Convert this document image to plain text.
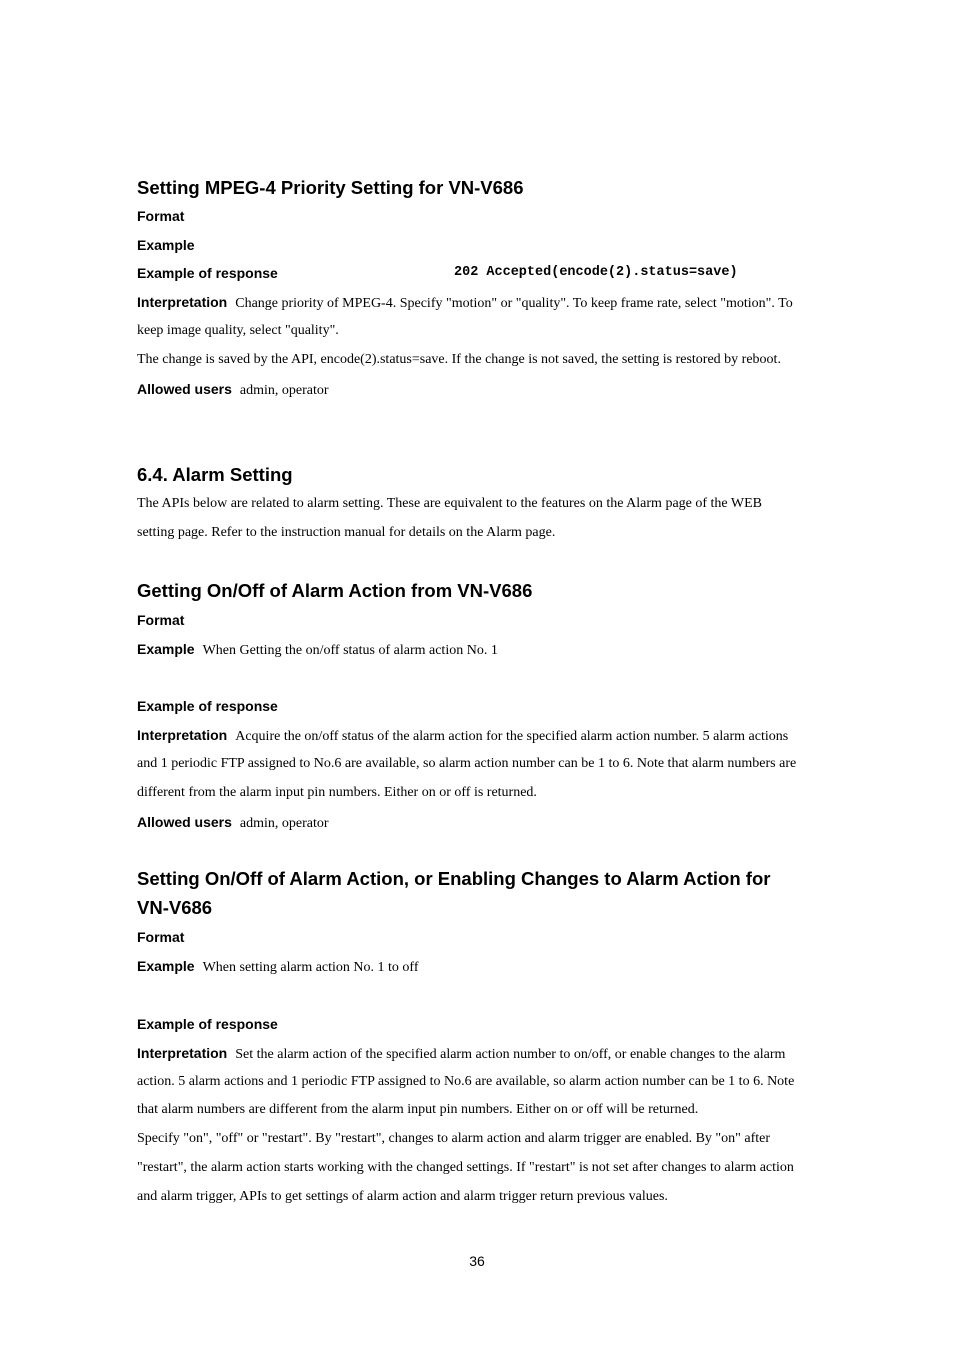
Setting MPEG-4 Priority Setting for VN-V686
Format
Example
Example of response	202 Accepted(encode(2).status=save)
Interpretation Change priority of MPEG-4. Specify "motion" or "quality". To keep frame rate, select "motion". To
keep image quality, select "quality".
The change is saved by the API, encode(2).status=save. If the change is not saved, the setting is restored by reboot.
Allowed users admin, operator
6.4. Alarm Setting
The APIs below are related to alarm setting. These are equivalent to the features on the Alarm page of the WEB
setting page. Refer to the instruction manual for details on the Alarm page.
Getting On/Off of Alarm Action from VN-V686
Format
Example When Getting the on/off status of alarm action No. 1
Example of response
Interpretation Acquire the on/off status of the alarm action for the specified alarm action number. 5 alarm actions
and 1 periodic FTP assigned to No.6 are available, so alarm action number can be 1 to 6. Note that alarm numbers are
different from the alarm input pin numbers. Either on or off is returned.
Allowed users admin, operator
Setting On/Off of Alarm Action, or Enabling Changes to Alarm Action for
VN-V686
Format
Example When setting alarm action No. 1 to off
Example of response
Interpretation Set the alarm action of the specified alarm action number to on/off, or enable changes to the alarm
action. 5 alarm actions and 1 periodic FTP assigned to No.6 are available, so alarm action number can be 1 to 6. Note
that alarm numbers are different from the alarm input pin numbers. Either on or off will be returned.
Specify "on", "off" or "restart". By "restart", changes to alarm action and alarm trigger are enabled. By "on" after
"restart", the alarm action starts working with the changed settings. If "restart" is not set after changes to alarm action
and alarm trigger, APIs to get settings of alarm action and alarm trigger return previous values.
36
